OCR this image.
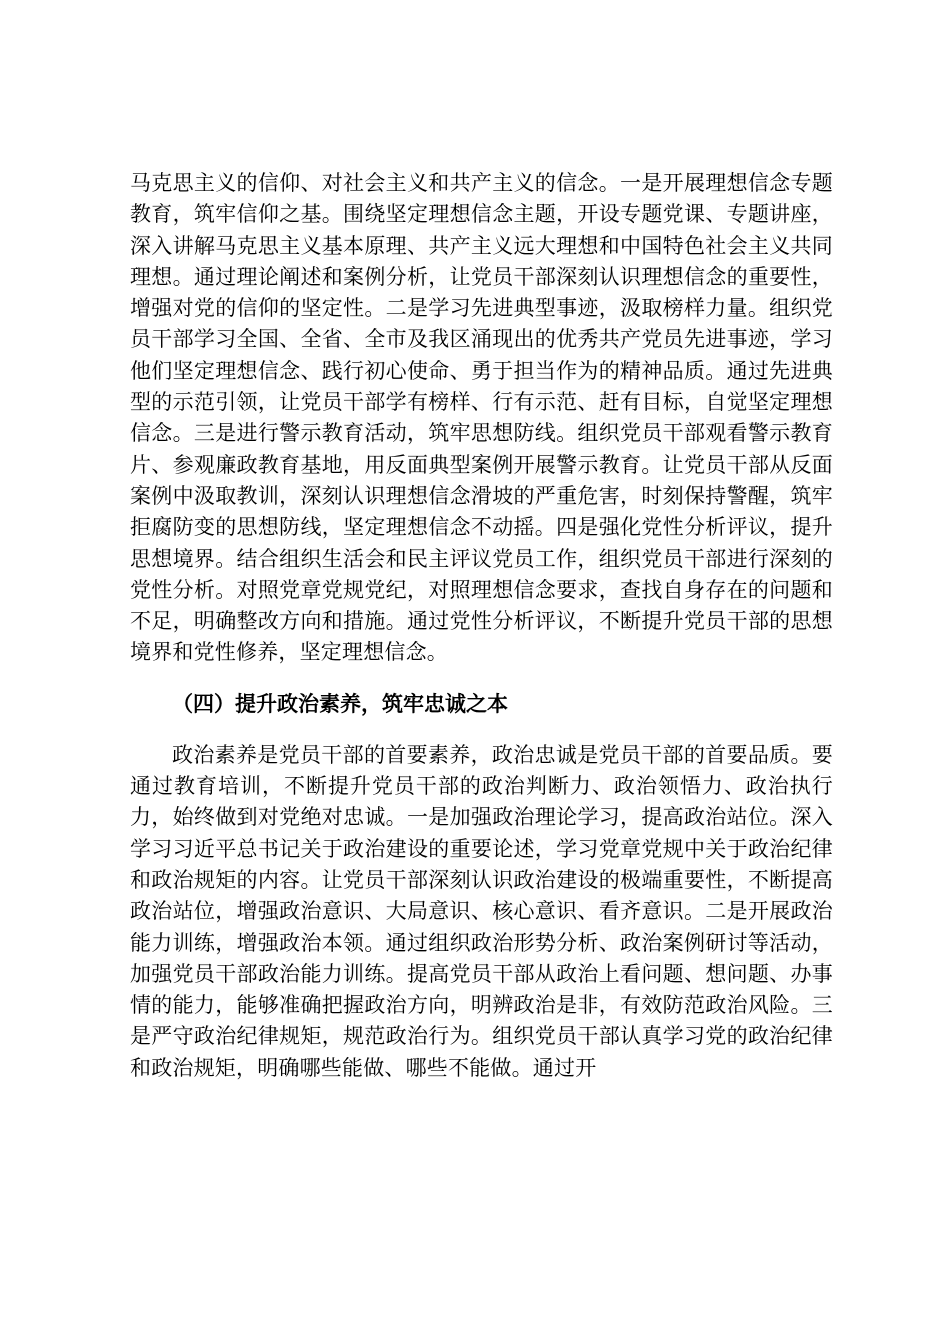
马克思主义的信仰、对社会主义和共产主义的信念。一是开展理想信念专题教育，筑牢信仰之基。围绕坚定理想信念主题，开设专题党课、专题讲座，深入讲解马克思主义基本原理、共产主义远大理想和中国特色社会主义共同理想。通过理论阐述和案例分析，让党员干部深刻认识理想信念的重要性，增强对党的信仰的坚定性。二是学习先进典型事迹，汲取榜样力量。组织党员干部学习全国、全省、全市及我区涌现出的优秀共产党员先进事迹，学习他们坚定理想信念、践行初心使命、勇于担当作为的精神品质。通过先进典型的示范引领，让党员干部学有榜样、行有示范、赶有目标，自觉坚定理想信念。三是进行警示教育活动，筑牢思想防线。组织党员干部观看警示教育片、参观廉政教育基地，用反面典型案例开展警示教育。让党员干部从反面案例中汲取教训，深刻认识理想信念滑坡的严重危害，时刻保持警醒，筑牢拒腐防变的思想防线，坚定理想信念不动摇。四是强化党性分析评议，提升思想境界。结合组织生活会和民主评议党员工作，组织党员干部进行深刻的党性分析。对照党章党规党纪，对照理想信念要求，查找自身存在的问题和不足，明确整改方向和措施。通过党性分析评议，不断提升党员干部的思想境界和党性修养，坚定理想信念。

（四）提升政治素养，筑牢忠诚之本

政治素养是党员干部的首要素养，政治忠诚是党员干部的首要品质。要通过教育培训，不断提升党员干部的政治判断力、政治领悟力、政治执行力，始终做到对党绝对忠诚。一是加强政治理论学习，提高政治站位。深入学习习近平总书记关于政治建设的重要论述，学习党章党规中关于政治纪律和政治规矩的内容。让党员干部深刻认识政治建设的极端重要性，不断提高政治站位，增强政治意识、大局意识、核心意识、看齐意识。二是开展政治能力训练，增强政治本领。通过组织政治形势分析、政治案例研讨等活动，加强党员干部政治能力训练。提高党员干部从政治上看问题、想问题、办事情的能力，能够准确把握政治方向，明辨政治是非，有效防范政治风险。三是严守政治纪律规矩，规范政治行为。组织党员干部认真学习党的政治纪律和政治规矩，明确哪些能做、哪些不能做。通过开
